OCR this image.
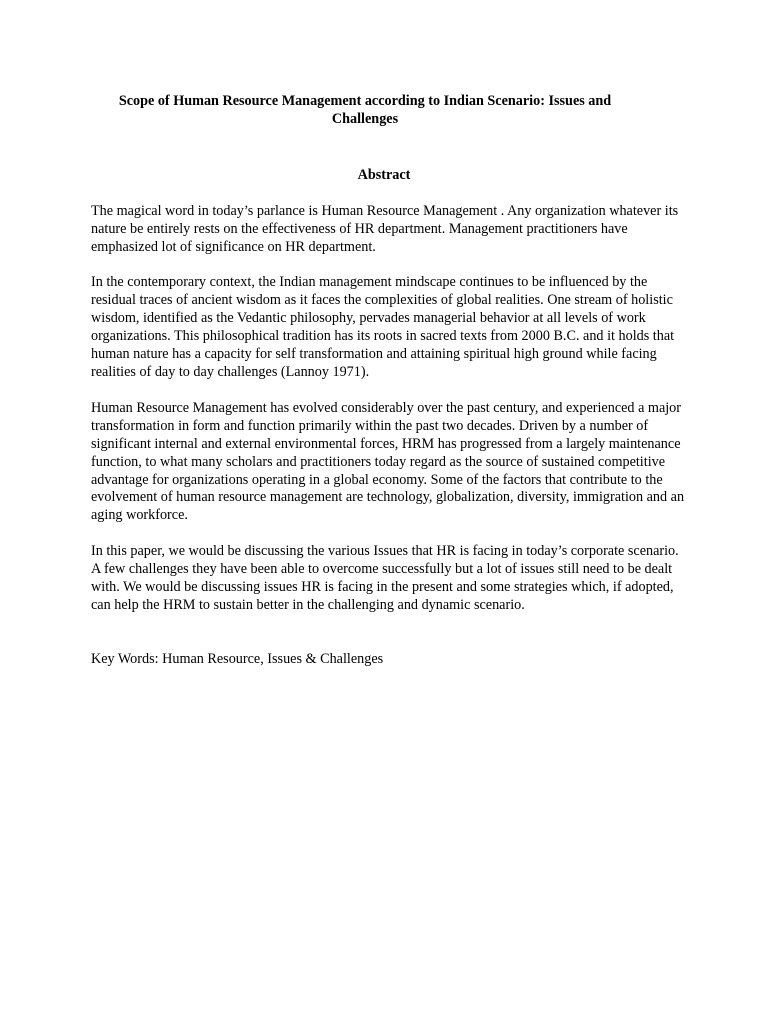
Scope of Human Resource Management according to Indian Scenario: Issues and Challenges

Abstract

The magical word in today’s parlance is Human Resource Management . Any organization whatever its nature be entirely rests on the effectiveness of HR department. Management practitioners have emphasized lot of significance on HR department.

In the contemporary context, the Indian management mindscape continues to be influenced by the residual traces of ancient wisdom as it faces the complexities of global realities. One stream of holistic wisdom, identified as the Vedantic philosophy, pervades managerial behavior at all levels of work organizations. This philosophical tradition has its roots in sacred texts from 2000 B.C. and it holds that human nature has a capacity for self transformation and attaining spiritual high ground while facing realities of day to day challenges (Lannoy 1971).

Human Resource Management has evolved considerably over the past century, and experienced a major transformation in form and function primarily within the past two decades. Driven by a number of significant internal and external environmental forces, HRM has progressed from a largely maintenance function, to what many scholars and practitioners today regard as the source of sustained competitive advantage for organizations operating in a global economy. Some of the factors that contribute to the evolvement of human resource management are technology, globalization, diversity, immigration and an aging workforce.

In this paper, we would be discussing the various Issues that HR is facing in today’s corporate scenario. A few challenges they have been able to overcome successfully but a lot of issues still need to be dealt with. We would be discussing issues HR is facing in the present and some strategies which, if adopted, can help the HRM to sustain better in the challenging and dynamic scenario.

Key Words: Human Resource, Issues & Challenges
